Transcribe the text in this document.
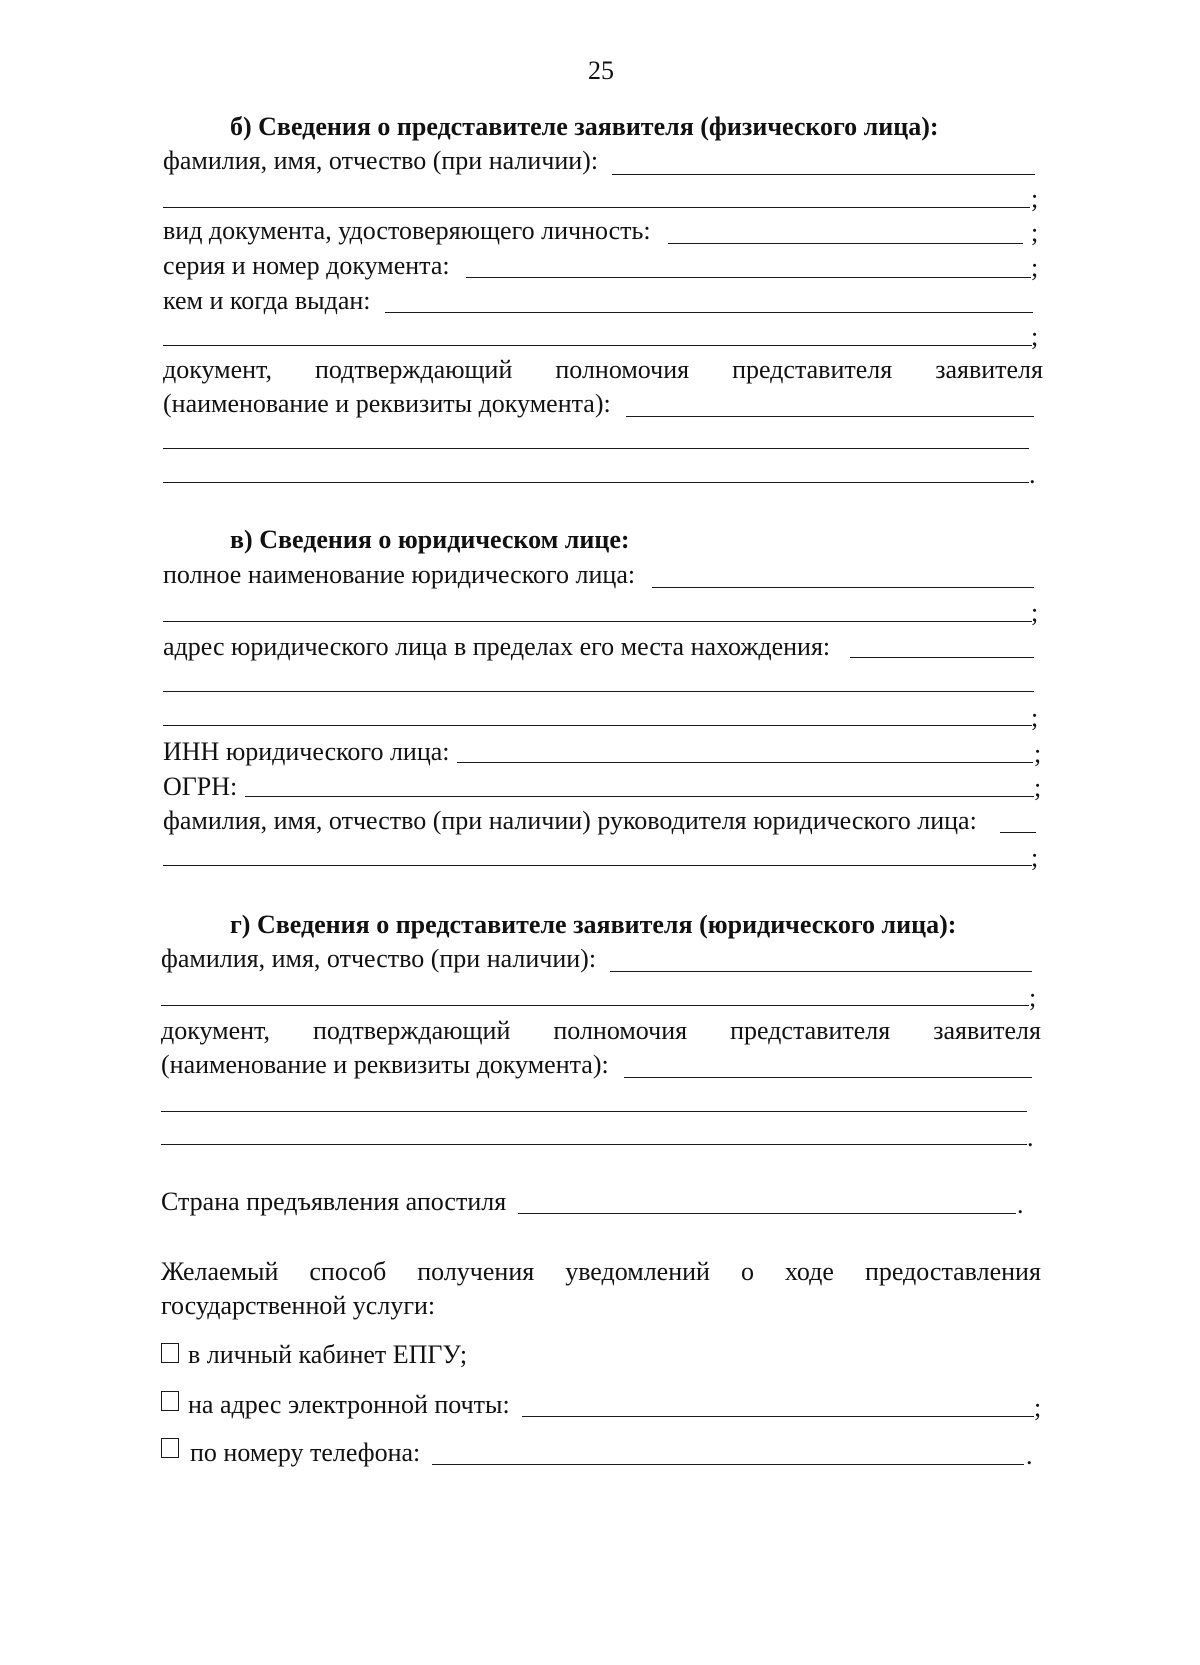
25
б) Сведения о представителе заявителя (физического лица):
фамилия, имя, отчество (при наличии):
;
вид документа, удостоверяющего личность:	;
серия и номер документа:	;
кем и когда выдан:
;
документ, подтверждающий полномочия представителя заявителя
(наименование и реквизиты документа):
.
в) Сведения о юридическом лице:
полное наименование юридического лица:
;
адрес юридического лица в пределах его места нахождения:
;
ИНН юридического лица:	;
ОГРН:	;
фамилия, имя, отчество (при наличии) руководителя юридического лица:
;
г) Сведения о представителе заявителя (юридического лица):
фамилия, имя, отчество (при наличии):
;
документ, подтверждающий полномочия представителя заявителя
(наименование и реквизиты документа):
.
Страна предъявления апостиля	.
Желаемый способ получения уведомлений о ходе предоставления
государственной услуги:
в личный кабинет ЕПГУ;
на адрес электронной почты:	;
по номеру телефона:	.
